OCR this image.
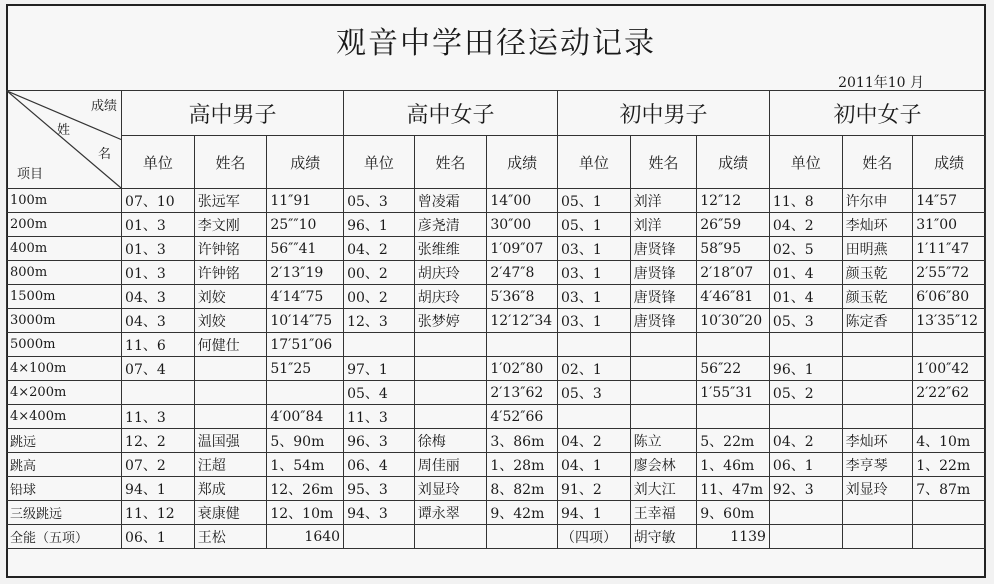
观音中学田径运动记录
2011年10 月
成绩
姓
名
项目	高中男子			高中女子			初中男子			初中女子		
	单位	姓名	成绩	单位	姓名	成绩	单位	姓名	成绩	单位	姓名	成绩
100m	07、10	张远军	11″91	05、3	曾凌霜	14″00	05、1	刘洋	12″12	11、8	许尔申	14″57
200m	01、3	李文刚	25″″10	96、1	彦尧清	30″00	05、1	刘洋	26″59	04、2	李灿环	31″00
400m	01、3	许钟铭	56″″41	04、2	张维维	1′09″07	03、1	唐贤锋	58″95	02、5	田明燕	1′11″47
800m	01、3	许钟铭	2′13″19	00、2	胡庆玲	2′47″8	03、1	唐贤锋	2′18″07	01、4	颜玉乾	2′55″72
1500m	04、3	刘姣	4′14″75	00、2	胡庆玲	5′36″8	03、1	唐贤锋	4′46″81	01、4	颜玉乾	6′06″80
3000m	04、3	刘姣	10′14″75	12、3	张梦婷	12′12″34	03、1	唐贤锋	10′30″20	05、3	陈定香	13′35″12
5000m	11、6	何健仕	17′51″06									
4×100m	07、4		51″25	97、1		1′02″80	02、1		56″22	96、1		1′00″42
4×200m				05、4		2′13″62	05、3		1′55″31	05、2		2′22″62
4×400m	11、3		4′00″84	11、3		4′52″66						
跳远	12、2	温国强	5、90m	96、3	徐梅	3、86m	04、2	陈立	5、22m	04、2	李灿环	4、10m
跳高	07、2	汪超	1、54m	06、4	周佳丽	1、28m	04、1	廖会林	1、46m	06、1	李亨琴	1、22m
铅球	94、1	郑成	12、26m	95、3	刘显玲	8、82m	91、2	刘大江	11、47m	92、3	刘显玲	7、87m
三级跳远	11、12	衰康健	12、10m	94、3	谭永翠	9、42m	94、1	王幸福	9、60m			
全能（五项）	06、1	王松	1640				（四项）	胡守敏	1139			
